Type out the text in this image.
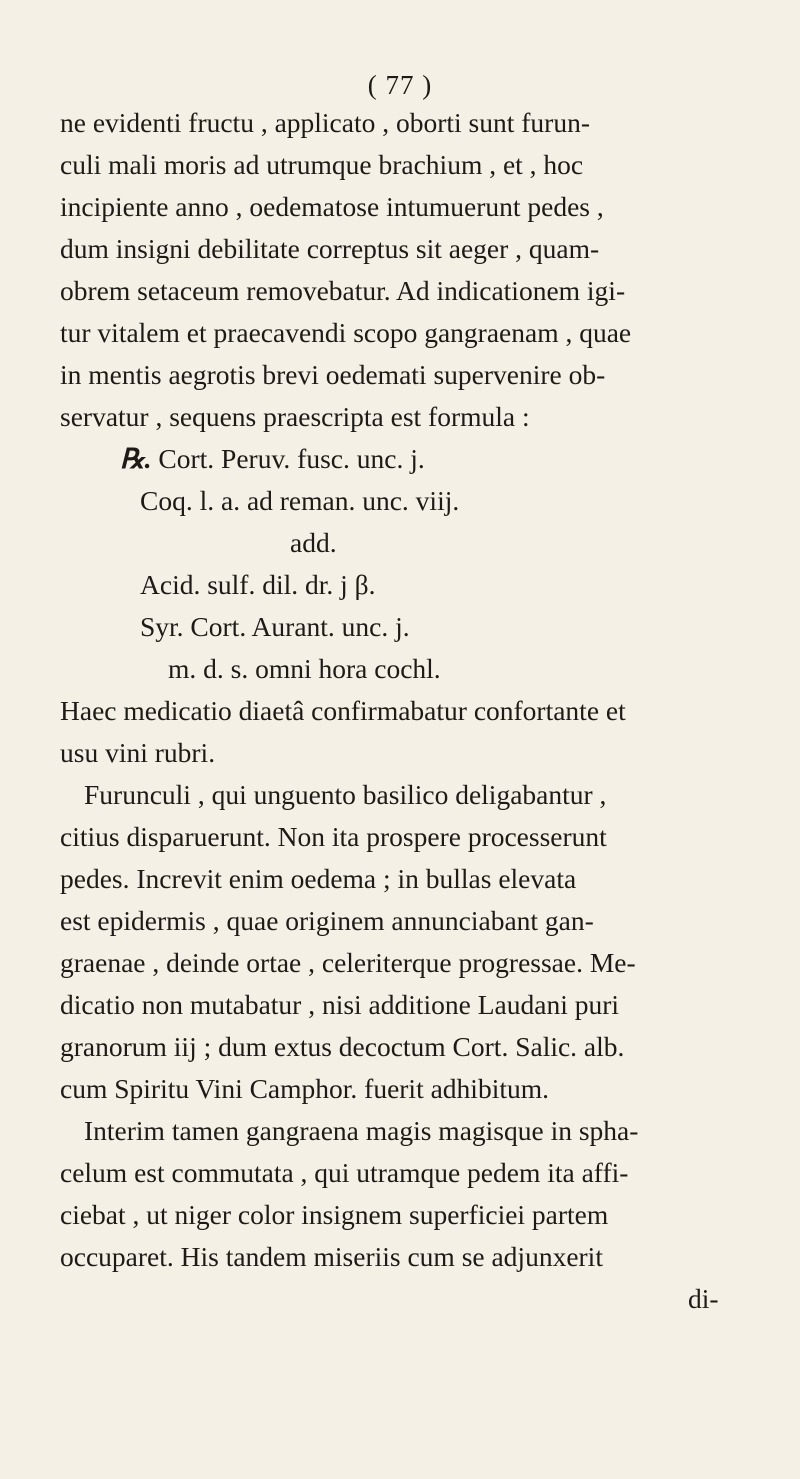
( 77 )
ne evidenti fructu , applicato , oborti sunt furun-
culi mali moris ad utrumque brachium , et , hoc
incipiente anno , oedematose intumuerunt pedes ,
dum insigni debilitate correptus sit aeger , quam-
obrem setaceum removebatur. Ad indicationem igi-
tur vitalem et praecavendi scopo gangraenam , quae
in mentis aegrotis brevi oedemati supervenire ob-
servatur , sequens praescripta est formula :
℞. Cort. Peruv. fusc. unc. j.
Coq. l. a. ad reman. unc. viij.
add.
Acid. sulf. dil. dr. j β.
Syr. Cort. Aurant. unc. j.
m. d. s. omni hora cochl.
Haec medicatio diaetâ confirmabatur confortante et
usu vini rubri.
Furunculi , qui unguento basilico deligabantur ,
citius disparuerunt. Non ita prospere processerunt
pedes. Increvit enim oedema ; in bullas elevata
est epidermis , quae originem annunciabant gan-
graenae , deinde ortae , celeriterque progressae. Me-
dicatio non mutabatur , nisi additione Laudani puri
granorum iij ; dum extus decoctum Cort. Salic. alb.
cum Spiritu Vini Camphor. fuerit adhibitum.
Interim tamen gangraena magis magisque in spha-
celum est commutata , qui utramque pedem ita affi-
ciebat , ut niger color insignem superficiei partem
occuparet. His tandem miseriis cum se adjunxerit
di-
